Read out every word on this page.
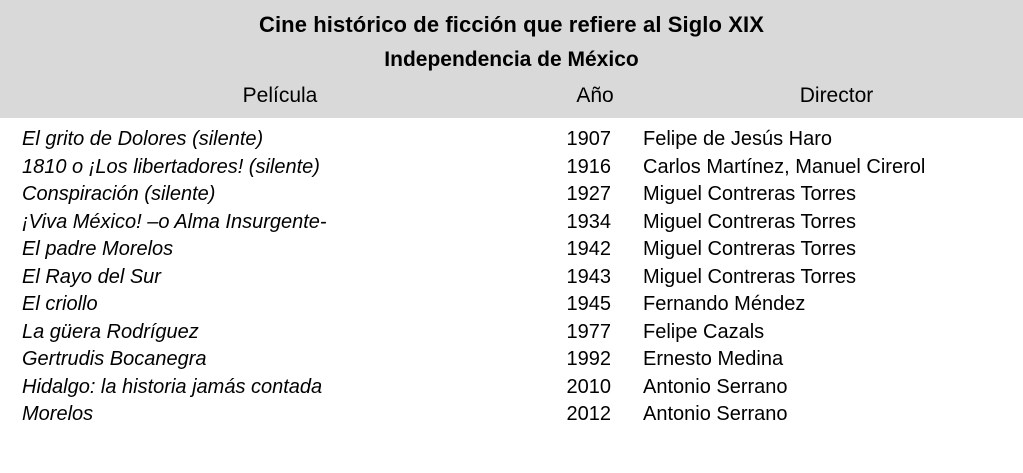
Cine histórico de ficción que refiere al Siglo XIX
Independencia de México
Película	Año	Director
El grito de Dolores (silente)	1907	Felipe de Jesús Haro
1810 o ¡Los libertadores! (silente)	1916	Carlos Martínez, Manuel Cirerol
Conspiración (silente)	1927	Miguel Contreras Torres
¡Viva México! –o Alma Insurgente-	1934	Miguel Contreras Torres
El padre Morelos	1942	Miguel Contreras Torres
El Rayo del Sur	1943	Miguel Contreras Torres
El criollo	1945	Fernando Méndez
La güera Rodríguez	1977	Felipe Cazals
Gertrudis Bocanegra	1992	Ernesto Medina
Hidalgo: la historia jamás contada	2010	Antonio Serrano
Morelos	2012	Antonio Serrano
